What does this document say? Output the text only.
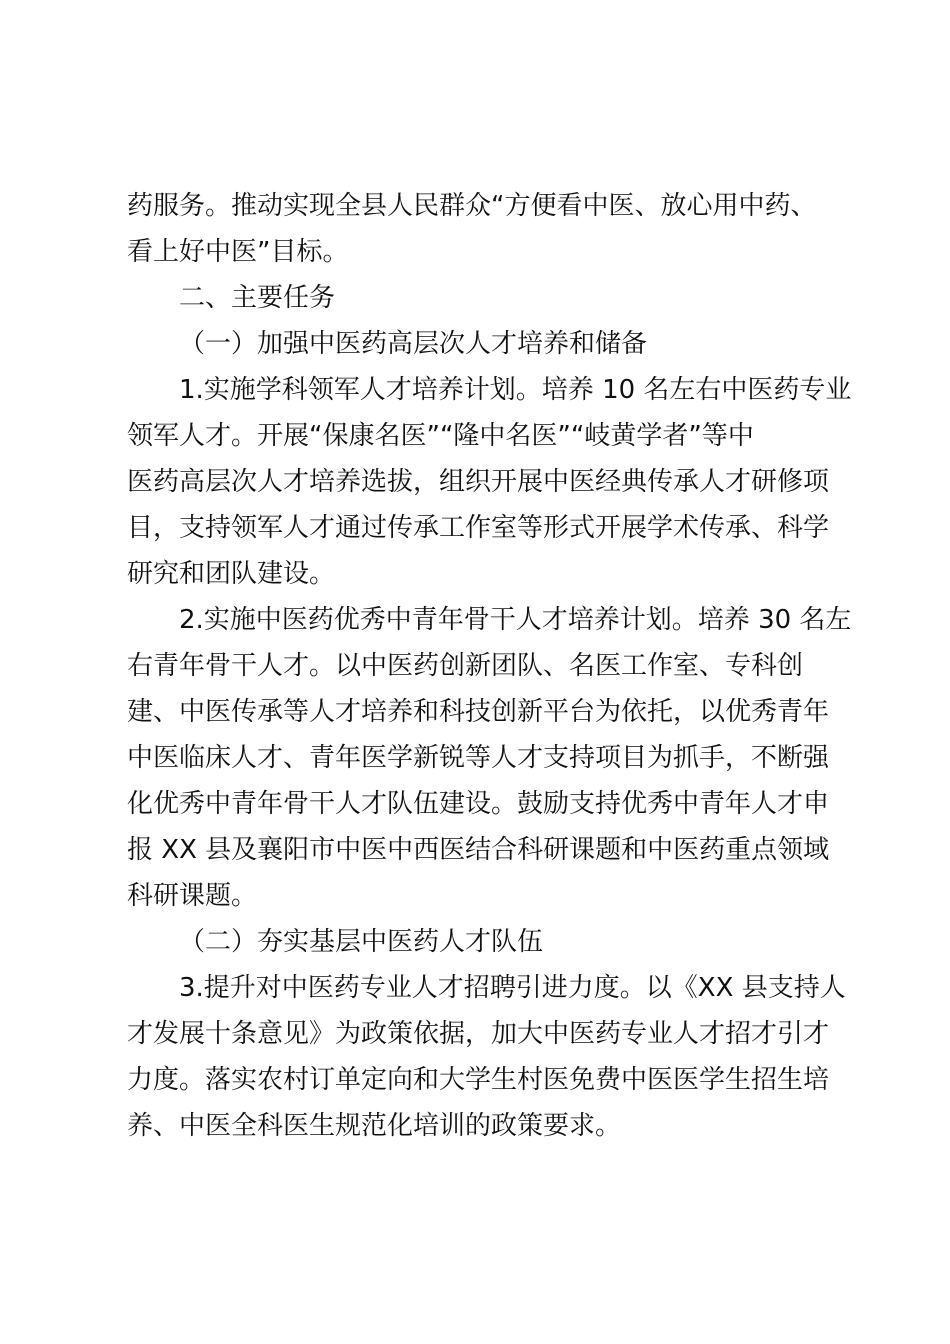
药服务。推动实现全县人民群众“方便看中医、放心用中药、
看上好中医”目标。
二、主要任务
（一）加强中医药高层次人才培养和储备
1.实施学科领军人才培养计划。培养 10 名左右中医药专业
领军人才。开展“保康名医”“隆中名医”“岐黄学者”等中
医药高层次人才培养选拔，组织开展中医经典传承人才研修项
目，支持领军人才通过传承工作室等形式开展学术传承、科学
研究和团队建设。
2.实施中医药优秀中青年骨干人才培养计划。培养 30 名左
右青年骨干人才。以中医药创新团队、名医工作室、专科创
建、中医传承等人才培养和科技创新平台为依托，以优秀青年
中医临床人才、青年医学新锐等人才支持项目为抓手，不断强
化优秀中青年骨干人才队伍建设。鼓励支持优秀中青年人才申
报 XX 县及襄阳市中医中西医结合科研课题和中医药重点领域
科研课题。
（二）夯实基层中医药人才队伍
3.提升对中医药专业人才招聘引进力度。以《XX 县支持人
才发展十条意见》为政策依据，加大中医药专业人才招才引才
力度。落实农村订单定向和大学生村医免费中医医学生招生培
养、中医全科医生规范化培训的政策要求。
